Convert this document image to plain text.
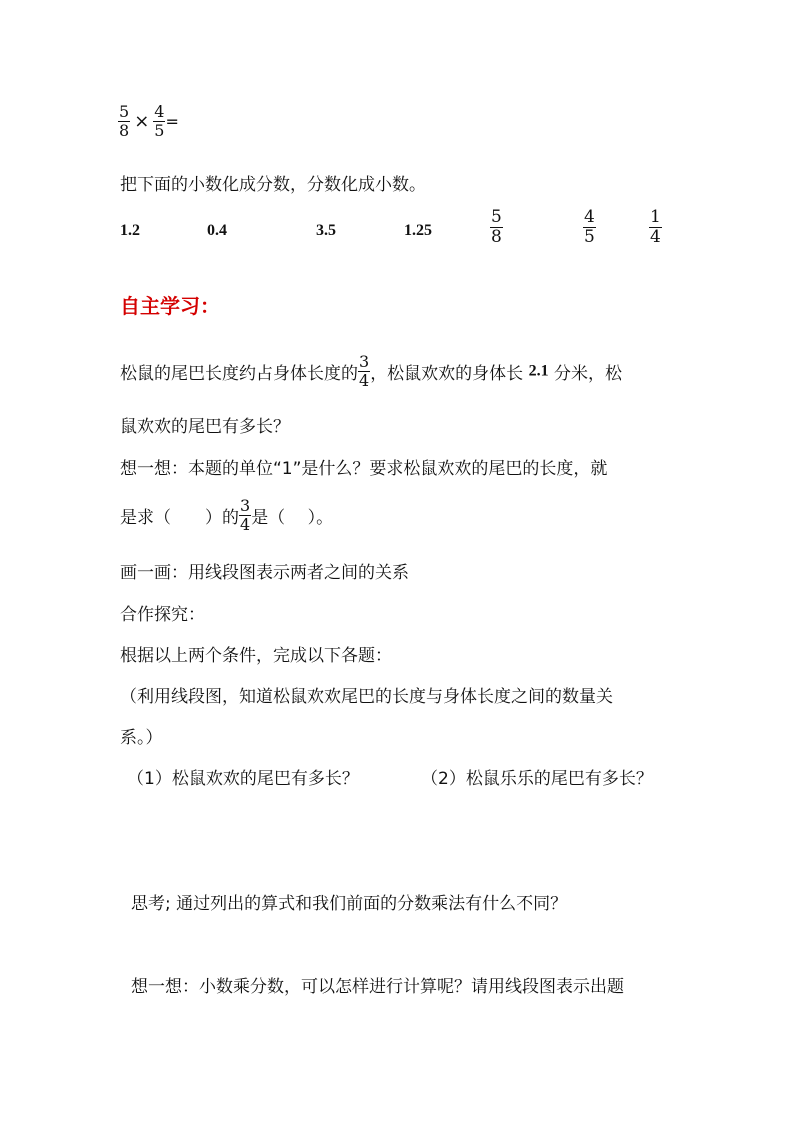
$\frac{5}{8} \times \frac{4}{5}$ =
把下面的小数化成分数，分数化成小数。
1.2	0.4	3.5	1.25	$\frac{5}{8}$	$\frac{4}{5}$	$\frac{1}{4}$
自主学习：
松鼠的尾巴长度约占身体长度的 $\frac{3}{4}$ ，松鼠欢欢的身体长 2.1 分米，松
鼠欢欢的尾巴有多长？
想一想：本题的单位“1”是什么？要求松鼠欢欢的尾巴的长度，就
是求（　　）的 $\frac{3}{4}$ 是（　 ）。
画一画：用线段图表示两者之间的关系
合作探究：
根据以上两个条件，完成以下各题：
（利用线段图，知道松鼠欢欢尾巴的长度与身体长度之间的数量关
系。）
（1）松鼠欢欢的尾巴有多长？	（2）松鼠乐乐的尾巴有多长？
思考; 通过列出的算式和我们前面的分数乘法有什么不同？
想一想：小数乘分数，可以怎样进行计算呢？请用线段图表示出题
